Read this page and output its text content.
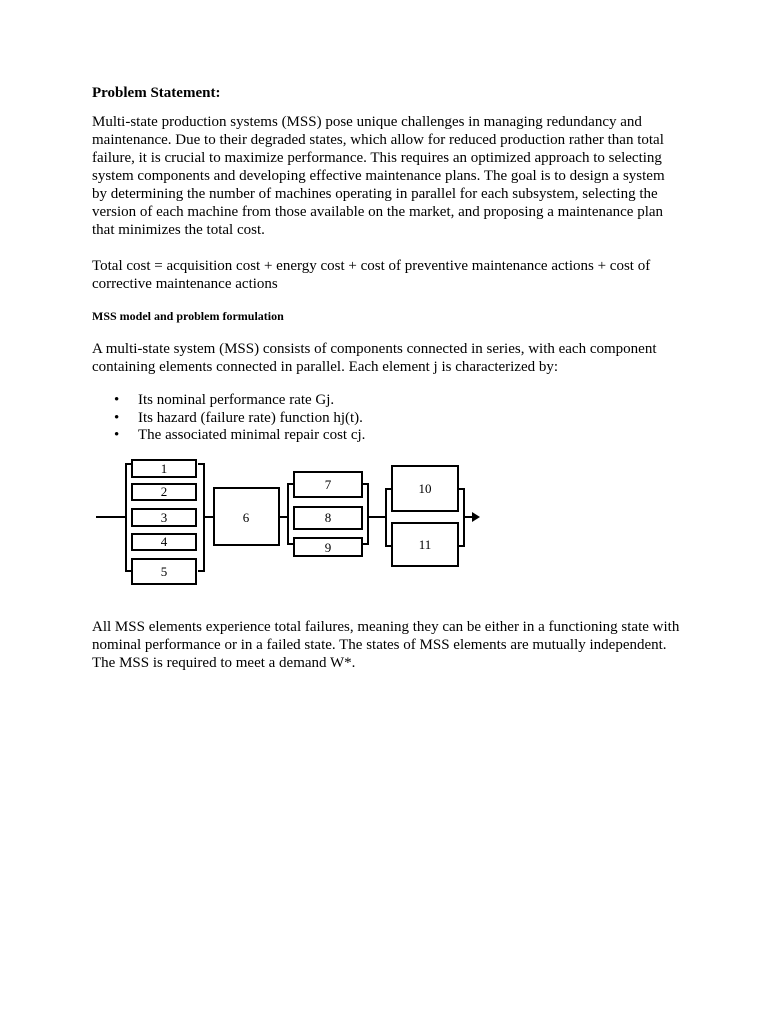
Problem Statement:

Multi-state production systems (MSS) pose unique challenges in managing redundancy and maintenance. Due to their degraded states, which allow for reduced production rather than total failure, it is crucial to maximize performance. This requires an optimized approach to selecting system components and developing effective maintenance plans. The goal is to design a system by determining the number of machines operating in parallel for each subsystem, selecting the version of each machine from those available on the market, and proposing a maintenance plan that minimizes the total cost.

Total cost = acquisition cost + energy cost + cost of preventive maintenance actions + cost of corrective maintenance actions

MSS model and problem formulation

A multi-state system (MSS) consists of components connected in series, with each component containing elements connected in parallel. Each element j is characterized by:

• Its nominal performance rate Gj.
• Its hazard (failure rate) function hj(t).
• The associated minimal repair cost cj.

All MSS elements experience total failures, meaning they can be either in a functioning state with nominal performance or in a failed state. The states of MSS elements are mutually independent. The MSS is required to meet a demand W*.

1
2
3
4
5
6
7
8
9
10
11
